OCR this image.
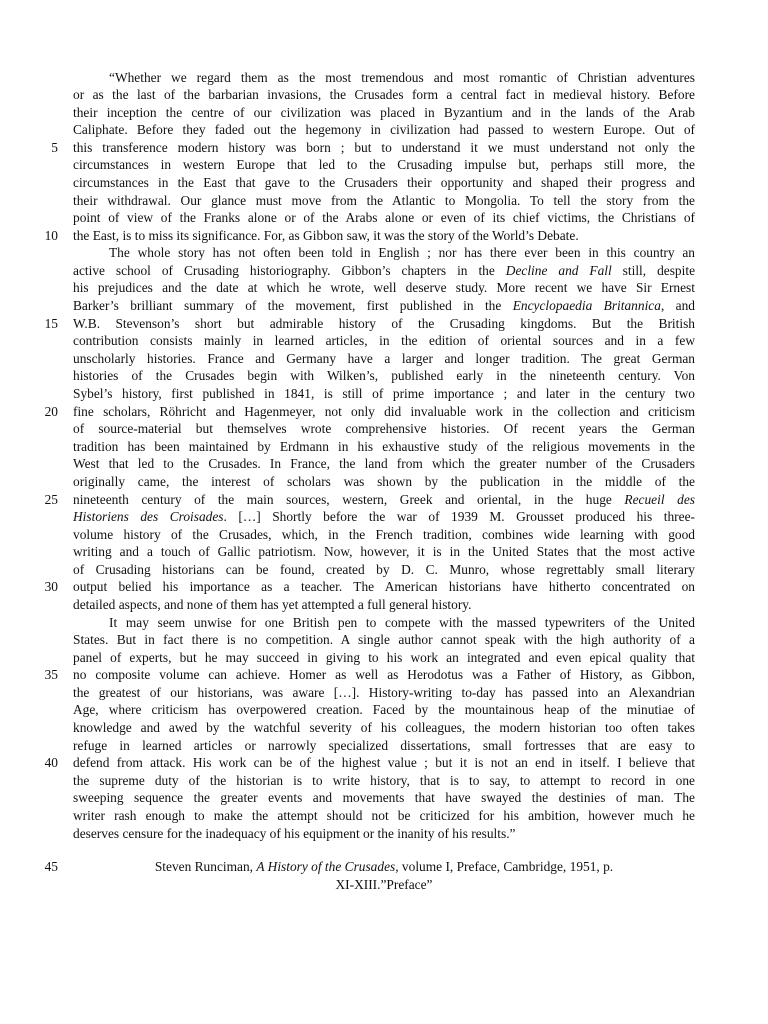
5
10
15
20
25
30
35
40
45
“Whether we regard them as the most tremendous and most romantic of Christian adventures
or as the last of the barbarian invasions, the Crusades form a central fact in medieval history. Before
their inception the centre of our civilization was placed in Byzantium and in the lands of the Arab
Caliphate. Before they faded out the hegemony in civilization had passed to western Europe. Out of
this transference modern history was born ; but to understand it we must understand not only the
circumstances in western Europe that led to the Crusading impulse but, perhaps still more, the
circumstances in the East that gave to the Crusaders their opportunity and shaped their progress and
their withdrawal. Our glance must move from the Atlantic to Mongolia. To tell the story from the
point of view of the Franks alone or of the Arabs alone or even of its chief victims, the Christians of
the East, is to miss its significance. For, as Gibbon saw, it was the story of the World’s Debate.
The whole story has not often been told in English ; nor has there ever been in this country an
active school of Crusading historiography. Gibbon’s chapters in the Decline and Fall still, despite
his prejudices and the date at which he wrote, well deserve study. More recent we have Sir Ernest
Barker’s brilliant summary of the movement, first published in the Encyclopaedia Britannica, and
W.B. Stevenson’s short but admirable history of the Crusading kingdoms. But the British
contribution consists mainly in learned articles, in the edition of oriental sources and in a few
unscholarly histories. France and Germany have a larger and longer tradition. The great German
histories of the Crusades begin with Wilken’s, published early in the nineteenth century. Von
Sybel’s history, first published in 1841, is still of prime importance ; and later in the century two
fine scholars, Röhricht and Hagenmeyer, not only did invaluable work in the collection and criticism
of source-material but themselves wrote comprehensive histories. Of recent years the German
tradition has been maintained by Erdmann in his exhaustive study of the religious movements in the
West that led to the Crusades. In France, the land from which the greater number of the Crusaders
originally came, the interest of scholars was shown by the publication in the middle of the
nineteenth century of the main sources, western, Greek and oriental, in the huge Recueil des
Historiens des Croisades. […] Shortly before the war of 1939 M. Grousset produced his three-
volume history of the Crusades, which, in the French tradition, combines wide learning with good
writing and a touch of Gallic patriotism. Now, however, it is in the United States that the most active
of Crusading historians can be found, created by D. C. Munro, whose regrettably small literary
output belied his importance as a teacher. The American historians have hitherto concentrated on
detailed aspects, and none of them has yet attempted a full general history.
It may seem unwise for one British pen to compete with the massed typewriters of the United
States. But in fact there is no competition. A single author cannot speak with the high authority of a
panel of experts, but he may succeed in giving to his work an integrated and even epical quality that
no composite volume can achieve. Homer as well as Herodotus was a Father of History, as Gibbon,
the greatest of our historians, was aware […]. History-writing to-day has passed into an Alexandrian
Age, where criticism has overpowered creation. Faced by the mountainous heap of the minutiae of
knowledge and awed by the watchful severity of his colleagues, the modern historian too often takes
refuge in learned articles or narrowly specialized dissertations, small fortresses that are easy to
defend from attack. His work can be of the highest value ; but it is not an end in itself. I believe that
the supreme duty of the historian is to write history, that is to say, to attempt to record in one
sweeping sequence the greater events and movements that have swayed the destinies of man. The
writer rash enough to make the attempt should not be criticized for his ambition, however much he
deserves censure for the inadequacy of his equipment or the inanity of his results.”
Steven Runciman, A History of the Crusades, volume I, Preface, Cambridge, 1951, p.
XI-XIII.”Preface”
